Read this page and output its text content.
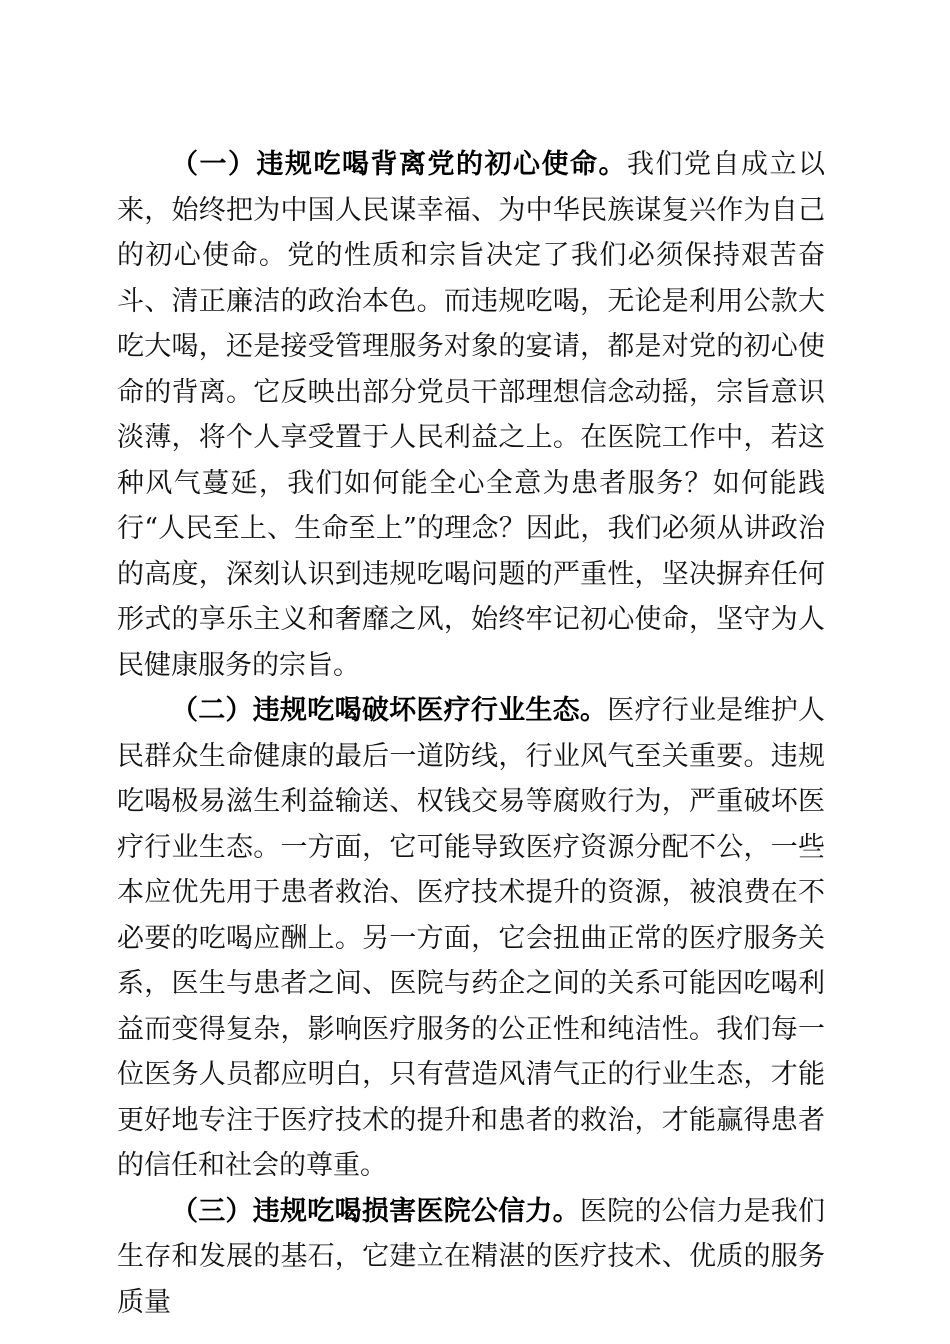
（一）违规吃喝背离党的初心使命。我们党自成立以来，始终把为中国人民谋幸福、为中华民族谋复兴作为自己的初心使命。党的性质和宗旨决定了我们必须保持艰苦奋斗、清正廉洁的政治本色。而违规吃喝，无论是利用公款大吃大喝，还是接受管理服务对象的宴请，都是对党的初心使命的背离。它反映出部分党员干部理想信念动摇，宗旨意识淡薄，将个人享受置于人民利益之上。在医院工作中，若这种风气蔓延，我们如何能全心全意为患者服务？如何能践行“人民至上、生命至上”的理念？因此，我们必须从讲政治的高度，深刻认识到违规吃喝问题的严重性，坚决摒弃任何形式的享乐主义和奢靡之风，始终牢记初心使命，坚守为人民健康服务的宗旨。

（二）违规吃喝破坏医疗行业生态。医疗行业是维护人民群众生命健康的最后一道防线，行业风气至关重要。违规吃喝极易滋生利益输送、权钱交易等腐败行为，严重破坏医疗行业生态。一方面，它可能导致医疗资源分配不公，一些本应优先用于患者救治、医疗技术提升的资源，被浪费在不必要的吃喝应酬上。另一方面，它会扭曲正常的医疗服务关系，医生与患者之间、医院与药企之间的关系可能因吃喝利益而变得复杂，影响医疗服务的公正性和纯洁性。我们每一位医务人员都应明白，只有营造风清气正的行业生态，才能更好地专注于医疗技术的提升和患者的救治，才能赢得患者的信任和社会的尊重。

（三）违规吃喝损害医院公信力。医院的公信力是我们生存和发展的基石，它建立在精湛的医疗技术、优质的服务质量
